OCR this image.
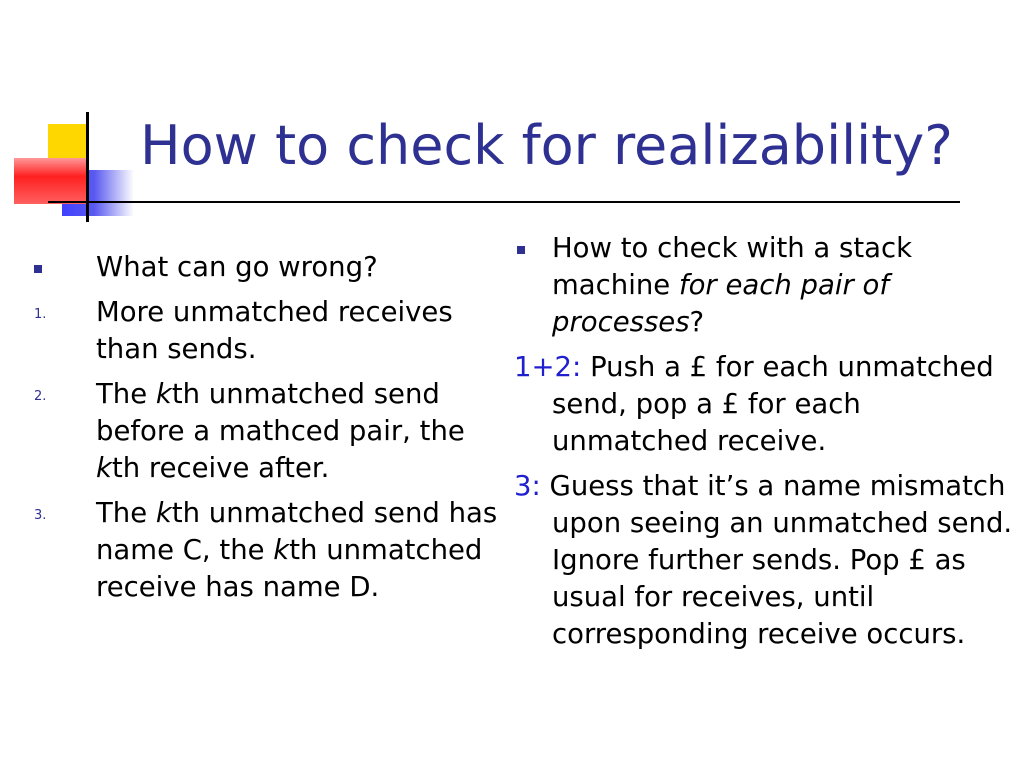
How to check for realizability?
What can go wrong?
1. More unmatched receives than sends.
2. The kth unmatched send before a mathced pair, the kth receive after.
3. The kth unmatched send has name C, the kth unmatched receive has name D.
How to check with a stack machine for each pair of processes?
1+2: Push a £ for each unmatched send, pop a £ for each unmatched receive.
3: Guess that it’s a name mismatch upon seeing an unmatched send.
Ignore further sends. Pop £ as usual for receives, until corresponding receive occurs.
